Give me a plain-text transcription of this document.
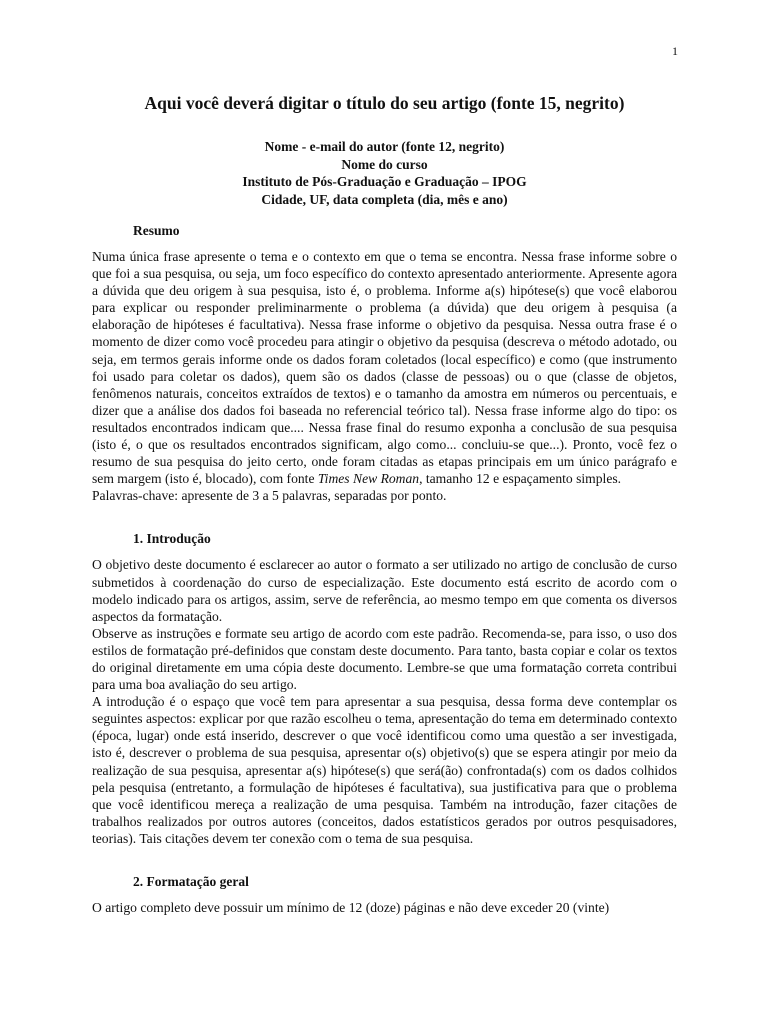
1
Aqui você deverá digitar o título do seu artigo (fonte 15, negrito)
Nome - e-mail do autor (fonte 12, negrito)
Nome do curso
Instituto de Pós-Graduação e Graduação – IPOG
Cidade, UF, data completa (dia, mês e ano)
Resumo

Numa única frase apresente o tema e o contexto em que o tema se encontra. Nessa frase informe sobre o que foi a sua pesquisa, ou seja, um foco específico do contexto apresentado anteriormente. Apresente agora a dúvida que deu origem à sua pesquisa, isto é, o problema. Informe a(s) hipótese(s) que você elaborou para explicar ou responder preliminarmente o problema (a dúvida) que deu origem à pesquisa (a elaboração de hipóteses é facultativa). Nessa frase informe o objetivo da pesquisa. Nessa outra frase é o momento de dizer como você procedeu para atingir o objetivo da pesquisa (descreva o método adotado, ou seja, em termos gerais informe onde os dados foram coletados (local específico) e como (que instrumento foi usado para coletar os dados), quem são os dados (classe de pessoas) ou o que (classe de objetos, fenômenos naturais, conceitos extraídos de textos) e o tamanho da amostra em números ou percentuais, e dizer que a análise dos dados foi baseada no referencial teórico tal). Nessa frase informe algo do tipo: os resultados encontrados indicam que.... Nessa frase final do resumo exponha a conclusão de sua pesquisa (isto é, o que os resultados encontrados significam, algo como... concluiu-se que...). Pronto, você fez o resumo de sua pesquisa do jeito certo, onde foram citadas as etapas principais em um único parágrafo e sem margem (isto é, blocado), com fonte Times New Roman, tamanho 12 e espaçamento simples.

Palavras-chave: apresente de 3 a 5 palavras, separadas por ponto.

1. Introdução

O objetivo deste documento é esclarecer ao autor o formato a ser utilizado no artigo de conclusão de curso submetidos à coordenação do curso de especialização. Este documento está escrito de acordo com o modelo indicado para os artigos, assim, serve de referência, ao mesmo tempo em que comenta os diversos aspectos da formatação.

Observe as instruções e formate seu artigo de acordo com este padrão. Recomenda-se, para isso, o uso dos estilos de formatação pré-definidos que constam deste documento. Para tanto, basta copiar e colar os textos do original diretamente em uma cópia deste documento. Lembre-se que uma formatação correta contribui para uma boa avaliação do seu artigo.

A introdução é o espaço que você tem para apresentar a sua pesquisa, dessa forma deve contemplar os seguintes aspectos: explicar por que razão escolheu o tema, apresentação do tema em determinado contexto (época, lugar) onde está inserido, descrever o que você identificou como uma questão a ser investigada, isto é, descrever o problema de sua pesquisa, apresentar o(s) objetivo(s) que se espera atingir por meio da realização de sua pesquisa, apresentar a(s) hipótese(s) que será(ão) confrontada(s) com os dados colhidos pela pesquisa (entretanto, a formulação de hipóteses é facultativa), sua justificativa para que o problema que você identificou mereça a realização de uma pesquisa. Também na introdução, fazer citações de trabalhos realizados por outros autores (conceitos, dados estatísticos gerados por outros pesquisadores, teorias). Tais citações devem ter conexão com o tema de sua pesquisa.

2. Formatação geral

O artigo completo deve possuir um mínimo de 12 (doze) páginas e não deve exceder 20 (vinte)
